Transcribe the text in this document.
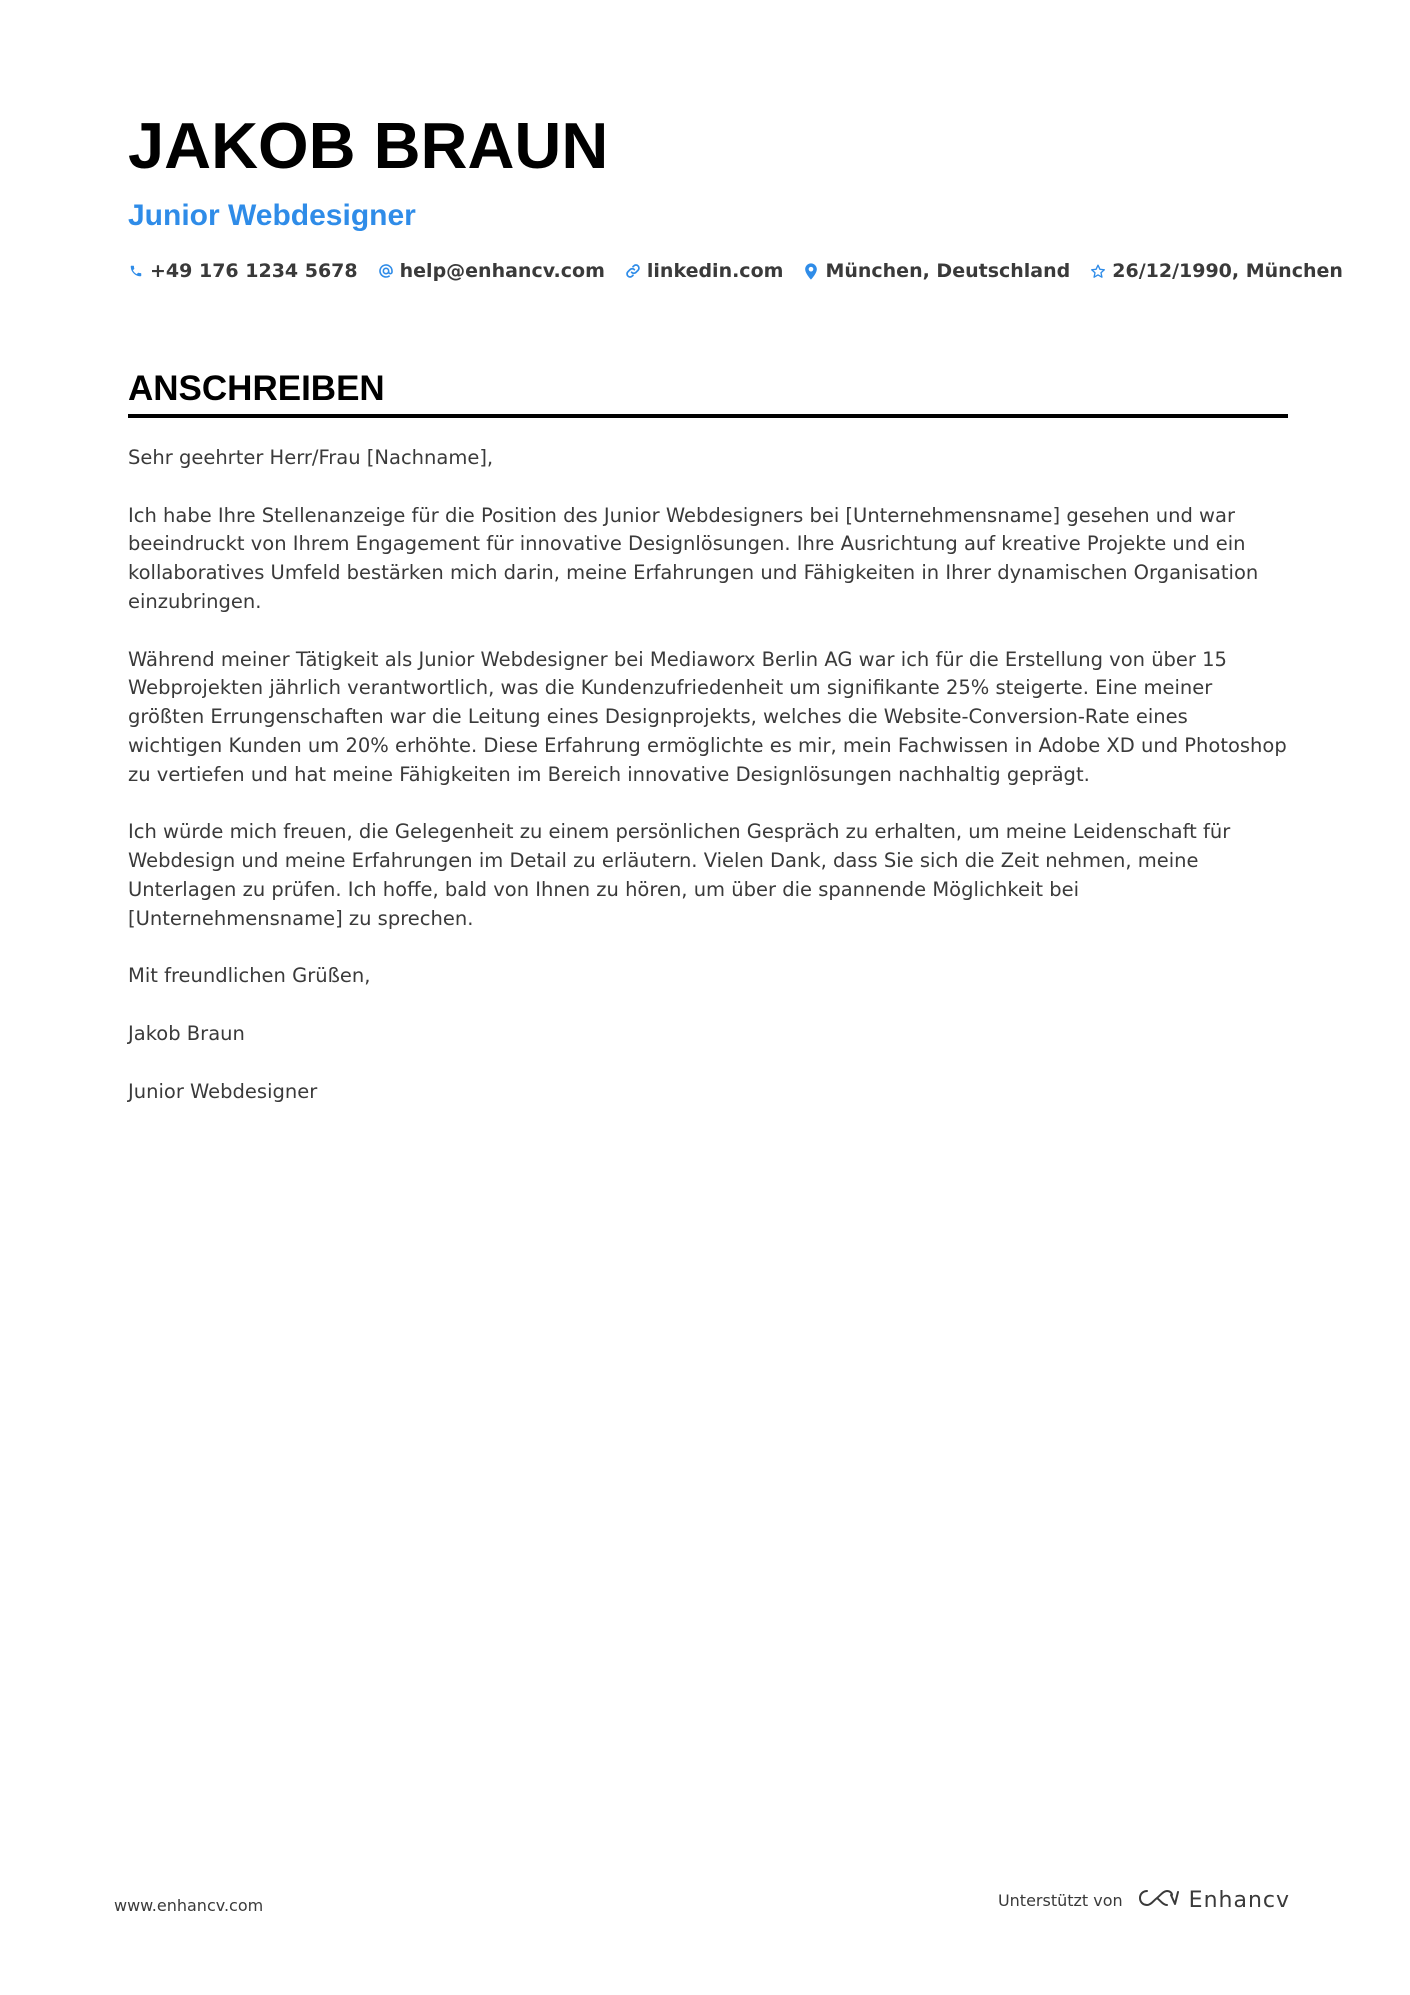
JAKOB BRAUN
Junior Webdesigner
+49 176 1234 5678 help@enhancv.com linkedin.com München, Deutschland 26/12/1990, München
ANSCHREIBEN

Sehr geehrter Herr/Frau [Nachname],

Ich habe Ihre Stellenanzeige für die Position des Junior Webdesigners bei [Unternehmensname] gesehen und war beeindruckt von Ihrem Engagement für innovative Designlösungen. Ihre Ausrichtung auf kreative Projekte und ein kollaboratives Umfeld bestärken mich darin, meine Erfahrungen und Fähigkeiten in Ihrer dynamischen Organisation einzubringen.

Während meiner Tätigkeit als Junior Webdesigner bei Mediaworx Berlin AG war ich für die Erstellung von über 15 Webprojekten jährlich verantwortlich, was die Kundenzufriedenheit um signifikante 25% steigerte. Eine meiner größten Errungenschaften war die Leitung eines Designprojekts, welches die Website-Conversion-Rate eines wichtigen Kunden um 20% erhöhte. Diese Erfahrung ermöglichte es mir, mein Fachwissen in Adobe XD und Photoshop zu vertiefen und hat meine Fähigkeiten im Bereich innovative Designlösungen nachhaltig geprägt.

Ich würde mich freuen, die Gelegenheit zu einem persönlichen Gespräch zu erhalten, um meine Leidenschaft für Webdesign und meine Erfahrungen im Detail zu erläutern. Vielen Dank, dass Sie sich die Zeit nehmen, meine Unterlagen zu prüfen. Ich hoffe, bald von Ihnen zu hören, um über die spannende Möglichkeit bei [Unternehmensname] zu sprechen.

Mit freundlichen Grüßen,

Jakob Braun

Junior Webdesigner

www.enhancv.com	Unterstützt von	Enhancv
